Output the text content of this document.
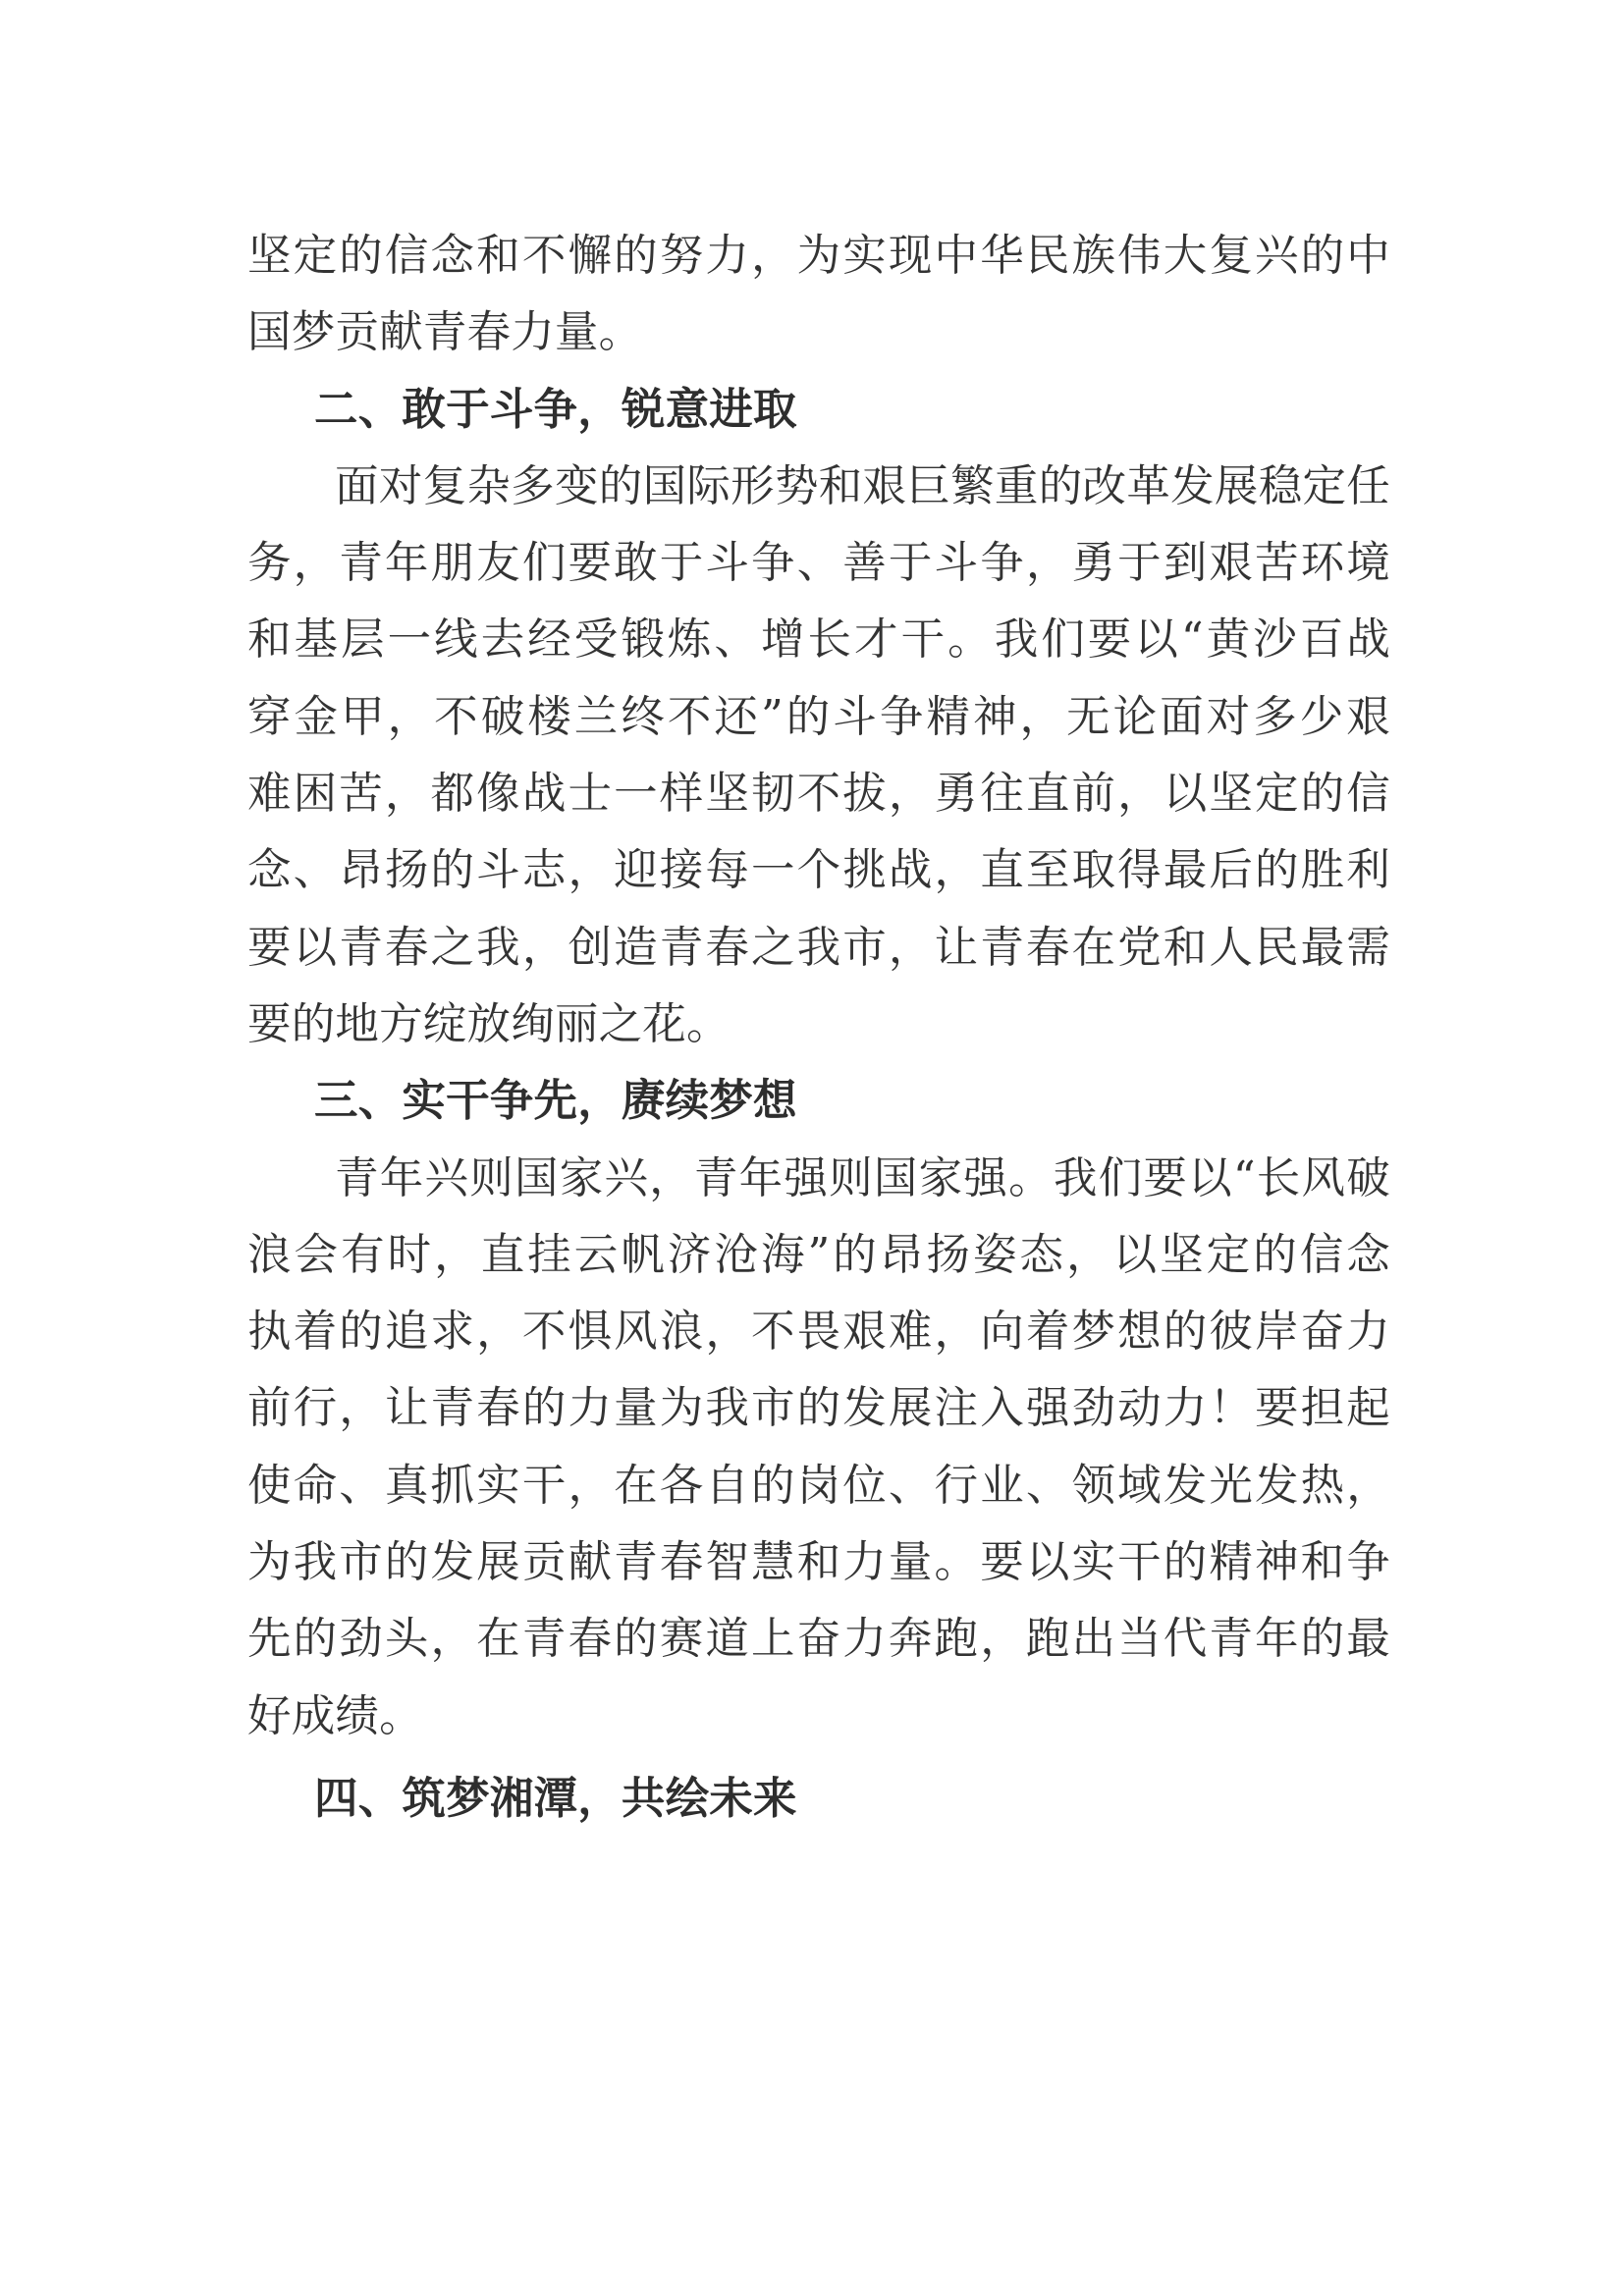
坚定的信念和不懈的努力，为实现中华民族伟大复兴的中
国梦贡献青春力量。
二、敢于斗争，锐意进取
面对复杂多变的国际形势和艰巨繁重的改革发展稳定任
务，青年朋友们要敢于斗争、善于斗争，勇于到艰苦环境
和基层一线去经受锻炼、增长才干。我们要以“黄沙百战
穿金甲，不破楼兰终不还”的斗争精神，无论面对多少艰
难困苦，都像战士一样坚韧不拔，勇往直前，以坚定的信
念、昂扬的斗志，迎接每一个挑战，直至取得最后的胜利
要以青春之我，创造青春之我市，让青春在党和人民最需
要的地方绽放绚丽之花。
三、实干争先，赓续梦想
青年兴则国家兴，青年强则国家强。我们要以“长风破
浪会有时，直挂云帆济沧海”的昂扬姿态，以坚定的信念
执着的追求，不惧风浪，不畏艰难，向着梦想的彼岸奋力
前行，让青春的力量为我市的发展注入强劲动力！要担起
使命、真抓实干，在各自的岗位、行业、领域发光发热，
为我市的发展贡献青春智慧和力量。要以实干的精神和争
先的劲头，在青春的赛道上奋力奔跑，跑出当代青年的最
好成绩。
四、筑梦湘潭，共绘未来
